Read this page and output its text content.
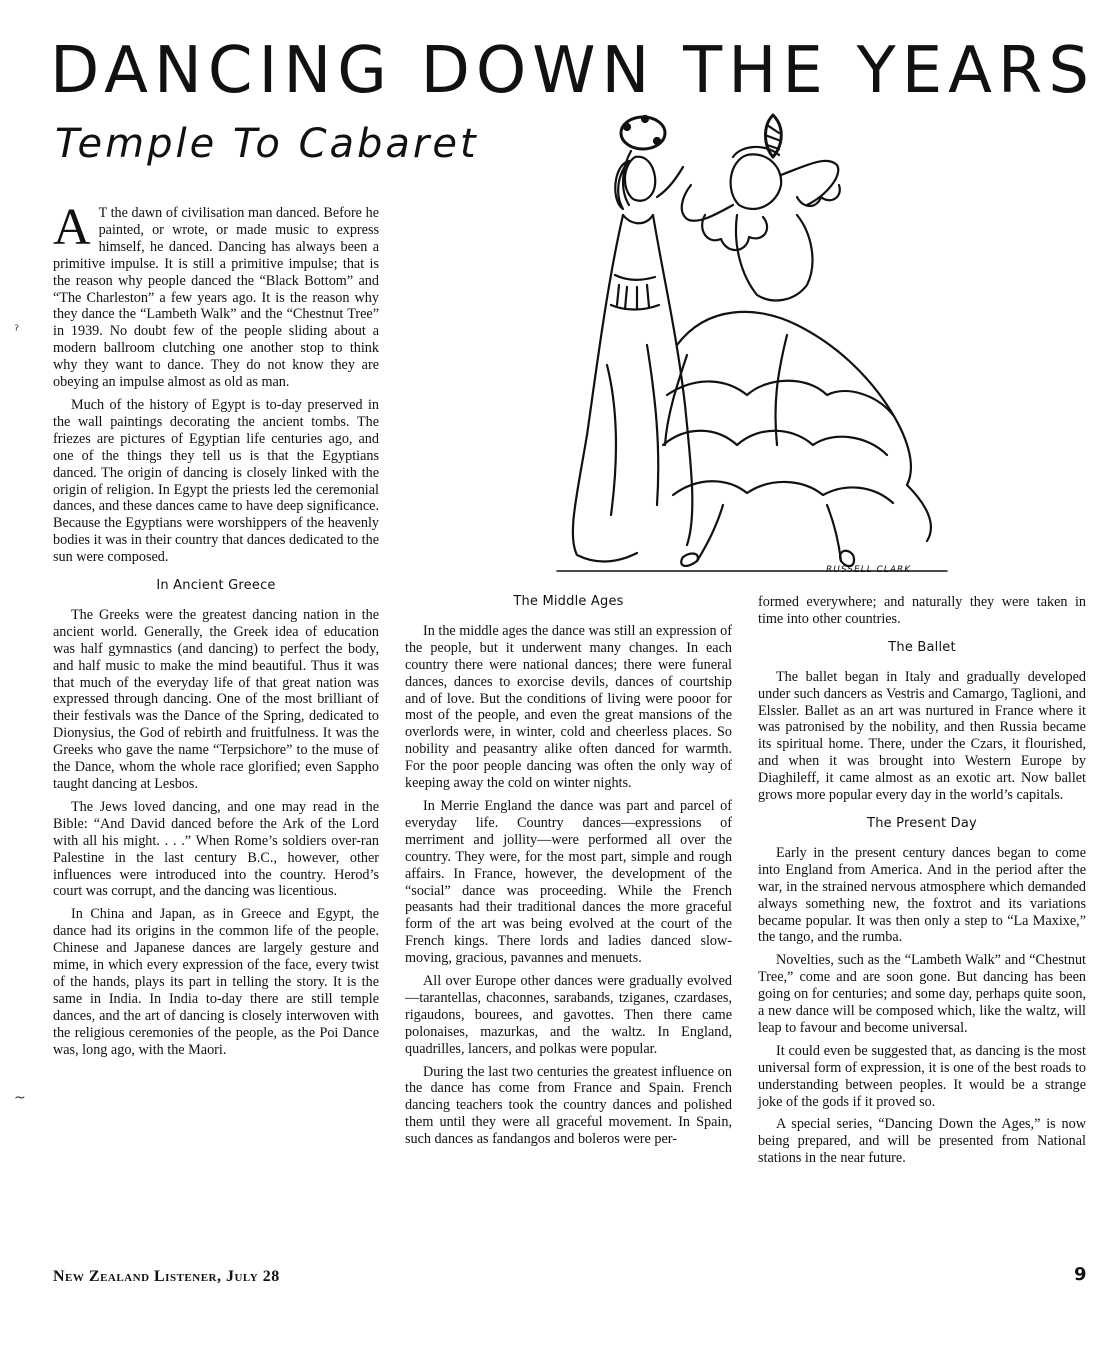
DANCING DOWN THE YEARS
Temple To Cabaret

A T the dawn of civilisation man danced. Before he painted, or wrote, or made music to express himself, he danced. Dancing has always been a primitive impulse. It is still a primitive impulse; that is the reason why people danced the “Black Bottom” and “The Charleston” a few years ago. It is the reason why they dance the “Lambeth Walk” and the “Chestnut Tree” in 1939. No doubt few of the people sliding about a modern ballroom clutching one another stop to think why they want to dance. They do not know they are obeying an impulse almost as old as man.

Much of the history of Egypt is to-day preserved in the wall paintings decorating the ancient tombs. The friezes are pictures of Egyptian life centuries ago, and one of the things they tell us is that the Egyptians danced. The origin of dancing is closely linked with the origin of religion. In Egypt the priests led the ceremonial dances, and these dances came to have deep significance. Because the Egyptians were worshippers of the heavenly bodies it was in their country that dances dedicated to the sun were composed.

In Ancient Greece

The Greeks were the greatest dancing nation in the ancient world. Generally, the Greek idea of education was half gymnastics (and dancing) to perfect the body, and half music to make the mind beautiful. Thus it was that much of the everyday life of that great nation was expressed through dancing. One of the most brilliant of their festivals was the Dance of the Spring, dedicated to Dionysius, the God of rebirth and fruitfulness. It was the Greeks who gave the name “Terpsichore” to the muse of the Dance, whom the whole race glorified; even Sappho taught dancing at Lesbos.

The Jews loved dancing, and one may read in the Bible: “And David danced before the Ark of the Lord with all his might. . . .” When Rome’s soldiers over-ran Palestine in the last century B.C., however, other influences were introduced into the country. Herod’s court was corrupt, and the dancing was licentious.

In China and Japan, as in Greece and Egypt, the dance had its origins in the common life of the people. Chinese and Japanese dances are largely gesture and mime, in which every expression of the face, every twist of the hands, plays its part in telling the story. It is the same in India. In India to-day there are still temple dances, and the art of dancing is closely interwoven with the religious ceremonies of the people, as the Poi Dance was, long ago, with the Maori.

RUSSELL CLARK
The Middle Ages

In the middle ages the dance was still an expression of the people, but it underwent many changes. In each country there were national dances; there were funeral dances, dances to exorcise devils, dances of courtship and of love. But the conditions of living were pooor for most of the people, and even the great mansions of the overlords were, in winter, cold and cheerless places. So nobility and peasantry alike often danced for warmth. For the poor people dancing was often the only way of keeping away the cold on winter nights.

In Merrie England the dance was part and parcel of everyday life. Country dances—expressions of merriment and jollity—were performed all over the country. They were, for the most part, simple and rough affairs. In France, however, the development of the “social” dance was proceeding. While the French peasants had their traditional dances the more graceful form of the art was being evolved at the court of the French kings. There lords and ladies danced slow-moving, gracious, pavannes and menuets.

All over Europe other dances were gradually evolved—tarantellas, chaconnes, sarabands, tziganes, czardases, rigaudons, bourees, and gavottes. Then there came polonaises, mazurkas, and the waltz. In England, quadrilles, lancers, and polkas were popular.

During the last two centuries the greatest influence on the dance has come from France and Spain. French dancing teachers took the country dances and polished them until they were all graceful movement. In Spain, such dances as fandangos and boleros were per-

formed everywhere; and naturally they were taken in time into other countries.

The Ballet

The ballet began in Italy and gradually developed under such dancers as Vestris and Camargo, Taglioni, and Elssler. Ballet as an art was nurtured in France where it was patronised by the nobility, and then Russia became its spiritual home. There, under the Czars, it flourished, and when it was brought into Western Europe by Diaghileff, it came almost as an exotic art. Now ballet grows more popular every day in the world’s capitals.

The Present Day

Early in the present century dances began to come into England from America. And in the period after the war, in the strained nervous atmosphere which demanded always something new, the foxtrot and its variations became popular. It was then only a step to “La Maxixe,” the tango, and the rumba.

Novelties, such as the “Lambeth Walk” and “Chestnut Tree,” come and are soon gone. But dancing has been going on for centuries; and some day, perhaps quite soon, a new dance will be composed which, like the waltz, will leap to favour and become universal.

It could even be suggested that, as dancing is the most universal form of expression, it is one of the best roads to understanding between peoples. It would be a strange joke of the gods if it proved so.

A special series, “Dancing Down the Ages,” is now being prepared, and will be presented from National stations in the near future.

New Zealand Listener, July 28	9
ˀ
~
